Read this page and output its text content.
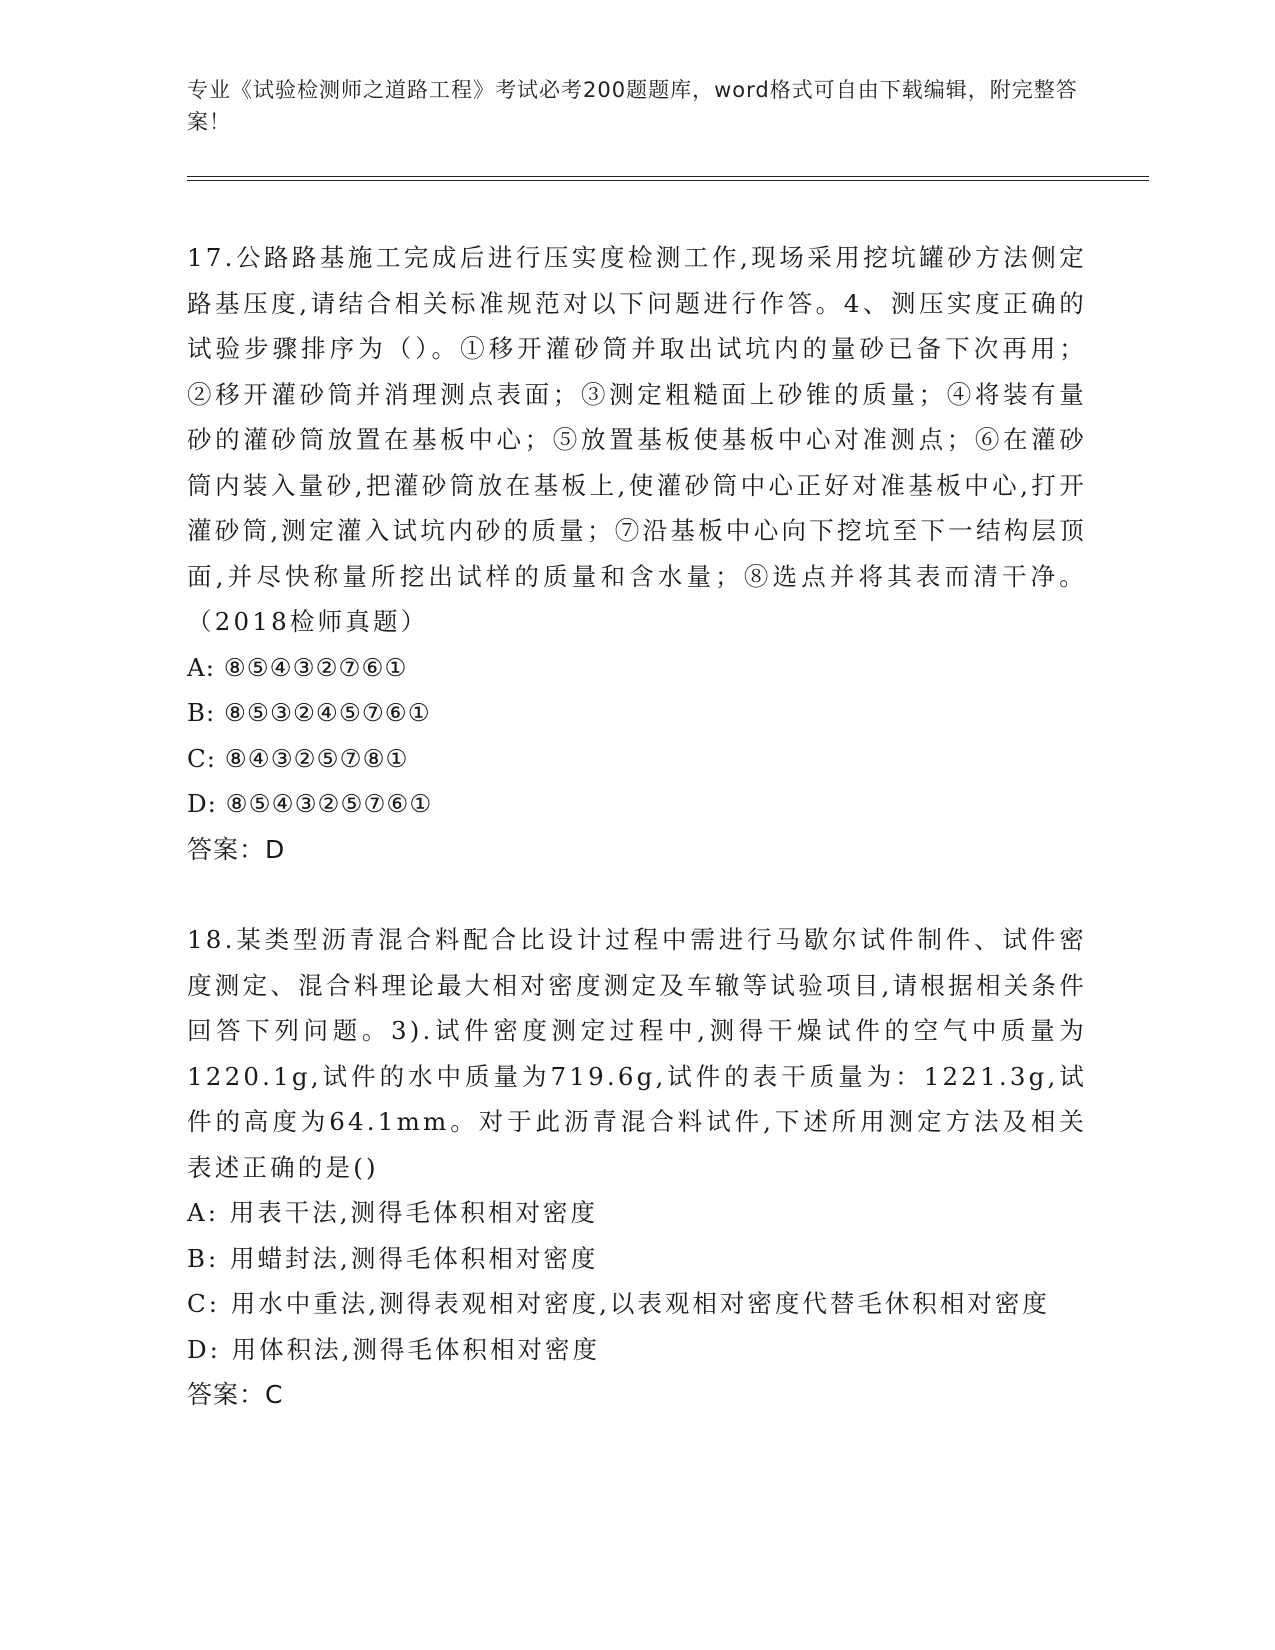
专业《试验检测师之道路工程》考试必考200题题库，word格式可自由下载编辑，附完整答案！
17.公路路基施工完成后进行压实度检测工作,现场采用挖坑罐砂方法侧定路基压度,请结合相关标准规范对以下问题进行作答。4、测压实度正确的试验步骤排序为（）。①移开灌砂筒并取出试坑内的量砂已备下次再用；②移开灌砂筒并消理测点表面；③测定粗糙面上砂锥的质量；④将装有量砂的灌砂筒放置在基板中心；⑤放置基板使基板中心对准测点；⑥在灌砂筒内装入量砂,把灌砂筒放在基板上,使灌砂筒中心正好对准基板中心,打开灌砂筒,测定灌入试坑内砂的质量；⑦沿基板中心向下挖坑至下一结构层顶面,并尽快称量所挖出试样的质量和含水量；⑧选点并将其表而清干净。（2018检师真题）
A: ⑧⑤④③②⑦⑥①
B: ⑧⑤③②④⑤⑦⑥①
C: ⑧④③②⑤⑦⑧①
D: ⑧⑤④③②⑤⑦⑥①
答案：D
18.某类型沥青混合料配合比设计过程中需进行马歇尔试件制件、试件密度测定、混合料理论最大相对密度测定及车辙等试验项目,请根据相关条件回答下列问题。3).试件密度测定过程中,测得干燥试件的空气中质量为1220.1g,试件的水中质量为719.6g,试件的表干质量为：1221.3g,试件的高度为64.1mm。对于此沥青混合料试件,下述所用测定方法及相关表述正确的是()
A: 用表干法,测得毛体积相对密度
B: 用蜡封法,测得毛体积相对密度
C: 用水中重法,测得表观相对密度,以表观相对密度代替毛休积相对密度
D: 用体积法,测得毛体积相对密度
答案：C
